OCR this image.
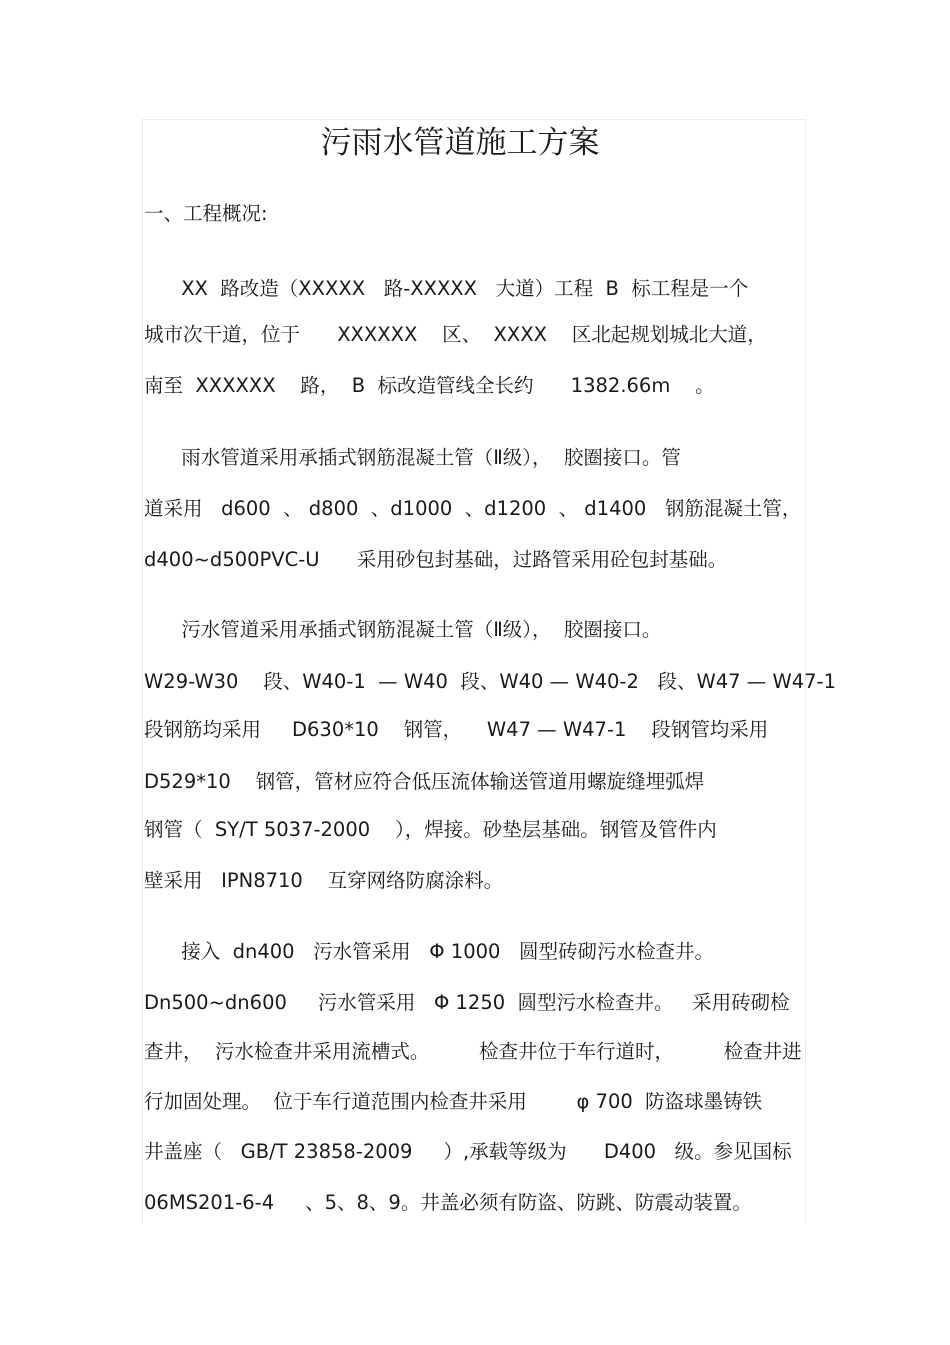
污雨水管道施工方案
一、工程概况:
XX  路改造（XXXXX   路-XXXXX   大道）工程  B  标工程是一个
城市次干道，位于      XXXXXX    区、  XXXX    区北起规划城北大道，
南至  XXXXXX    路，  B  标改造管线全长约      1382.66m    。
雨水管道采用承插式钢筋混凝土管（Ⅱ级），  胶圈接口。管
道采用   d600  、 d800  、d1000  、d1200  、 d1400   钢筋混凝土管，
d400~d500PVC-U      采用砂包封基础，过路管采用砼包封基础。
污水管道采用承插式钢筋混凝土管（Ⅱ级），  胶圈接口。
W29-W30    段、W40-1  — W40  段、W40 — W40-2   段、W47 — W47-1
段钢筋均采用     D630*10    钢管，    W47 — W47-1    段钢管均采用
D529*10    钢管，管材应符合低压流体输送管道用螺旋缝埋弧焊
钢管（  SY/T 5037-2000    ），焊接。砂垫层基础。钢管及管件内
壁采用   IPN8710    互穿网络防腐涂料。
接入  dn400   污水管采用   Φ 1000   圆型砖砌污水检查井。
Dn500~dn600     污水管采用   Φ 1250  圆型污水检查井。   采用砖砌检
查井，  污水检查井采用流槽式。        检查井位于车行道时，        检查井进
行加固处理。  位于车行道范围内检查井采用        φ 700  防盗球墨铸铁
井盖座（   GB/T 23858-2009     ）,承载等级为      D400   级。参见国标
06MS201-6-4     、5、8、9。井盖必须有防盗、防跳、防震动装置。
